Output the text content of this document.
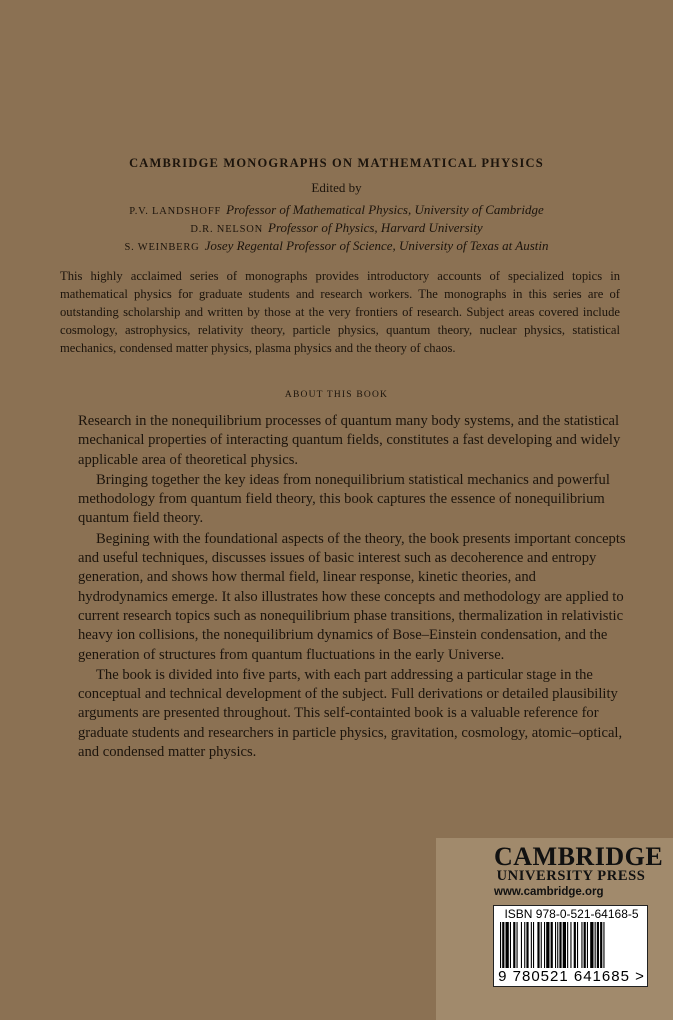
CAMBRIDGE MONOGRAPHS ON MATHEMATICAL PHYSICS
Edited by
P.V. LANDSHOFF Professor of Mathematical Physics, University of Cambridge
D.R. NELSON Professor of Physics, Harvard University
S. WEINBERG Josey Regental Professor of Science, University of Texas at Austin

This highly acclaimed series of monographs provides introductory accounts of specialized topics in mathematical physics for graduate students and research workers. The monographs in this series are of outstanding scholarship and written by those at the very frontiers of research. Subject areas covered include cosmology, astrophysics, relativity theory, particle physics, quantum theory, nuclear physics, statistical mechanics, condensed matter physics, plasma physics and the theory of chaos.

ABOUT THIS BOOK

Research in the nonequilibrium processes of quantum many body systems, and the statistical mechanical properties of interacting quantum fields, constitutes a fast developing and widely applicable area of theoretical physics.

Bringing together the key ideas from nonequilibrium statistical mechanics and powerful methodology from quantum field theory, this book captures the essence of nonequilibrium quantum field theory.

Begining with the foundational aspects of the theory, the book presents important concepts and useful techniques, discusses issues of basic interest such as decoherence and entropy generation, and shows how thermal field, linear response, kinetic theories, and hydrodynamics emerge. It also illustrates how these concepts and methodology are applied to current research topics such as nonequilibrium phase transitions, thermalization in relativistic heavy ion collisions, the nonequilibrium dynamics of Bose–Einstein condensation, and the generation of structures from quantum fluctuations in the early Universe.

The book is divided into five parts, with each part addressing a particular stage in the conceptual and technical development of the subject. Full derivations or detailed plausibility arguments are presented throughout. This self-containted book is a valuable reference for graduate students and researchers in particle physics, gravitation, cosmology, atomic–optical, and condensed matter physics.

CAMBRIDGE
UNIVERSITY PRESS
www.cambridge.org
ISBN 978-0-521-64168-5
9 780521 641685 >
